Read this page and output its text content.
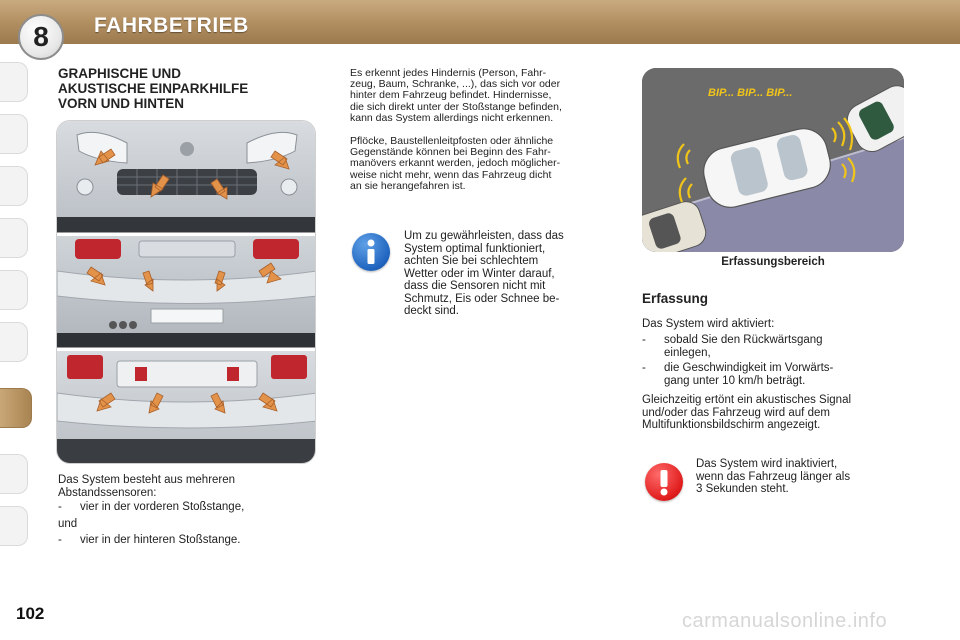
8	FAHRBETRIEB
GRAPHISCHE UND
AKUSTISCHE EINPARKHILFE
VORN UND HINTEN
Das System besteht aus mehreren
Abstandssensoren:
- vier in der vorderen Stoßstange,
und
- vier in der hinteren Stoßstange.
Es erkennt jedes Hindernis (Person, Fahr-
zeug, Baum, Schranke, ...), das sich vor oder
hinter dem Fahrzeug befindet. Hindernisse,
die sich direkt unter der Stoßstange befinden,
kann das System allerdings nicht erkennen.
Pflöcke, Baustellenleitpfosten oder ähnliche
Gegenstände können bei Beginn des Fahr-
manövers erkannt werden, jedoch möglicher-
weise nicht mehr, wenn das Fahrzeug dicht
an sie herangefahren ist.
Um zu gewährleisten, dass das
System optimal funktioniert,
achten Sie bei schlechtem
Wetter oder im Winter darauf,
dass die Sensoren nicht mit
Schmutz, Eis oder Schnee be-
deckt sind.
BIP... BIP... BIP...
Erfassungsbereich
Erfassung
Das System wird aktiviert:
- sobald Sie den Rückwärtsgang
einlegen,
- die Geschwindigkeit im Vorwärts-
gang unter 10 km/h beträgt.
Gleichzeitig ertönt ein akustisches Signal
und/oder das Fahrzeug wird auf dem
Multifunktionsbildschirm angezeigt.
Das System wird inaktiviert,
wenn das Fahrzeug länger als
3 Sekunden steht.
102	carmanualsonline.info
